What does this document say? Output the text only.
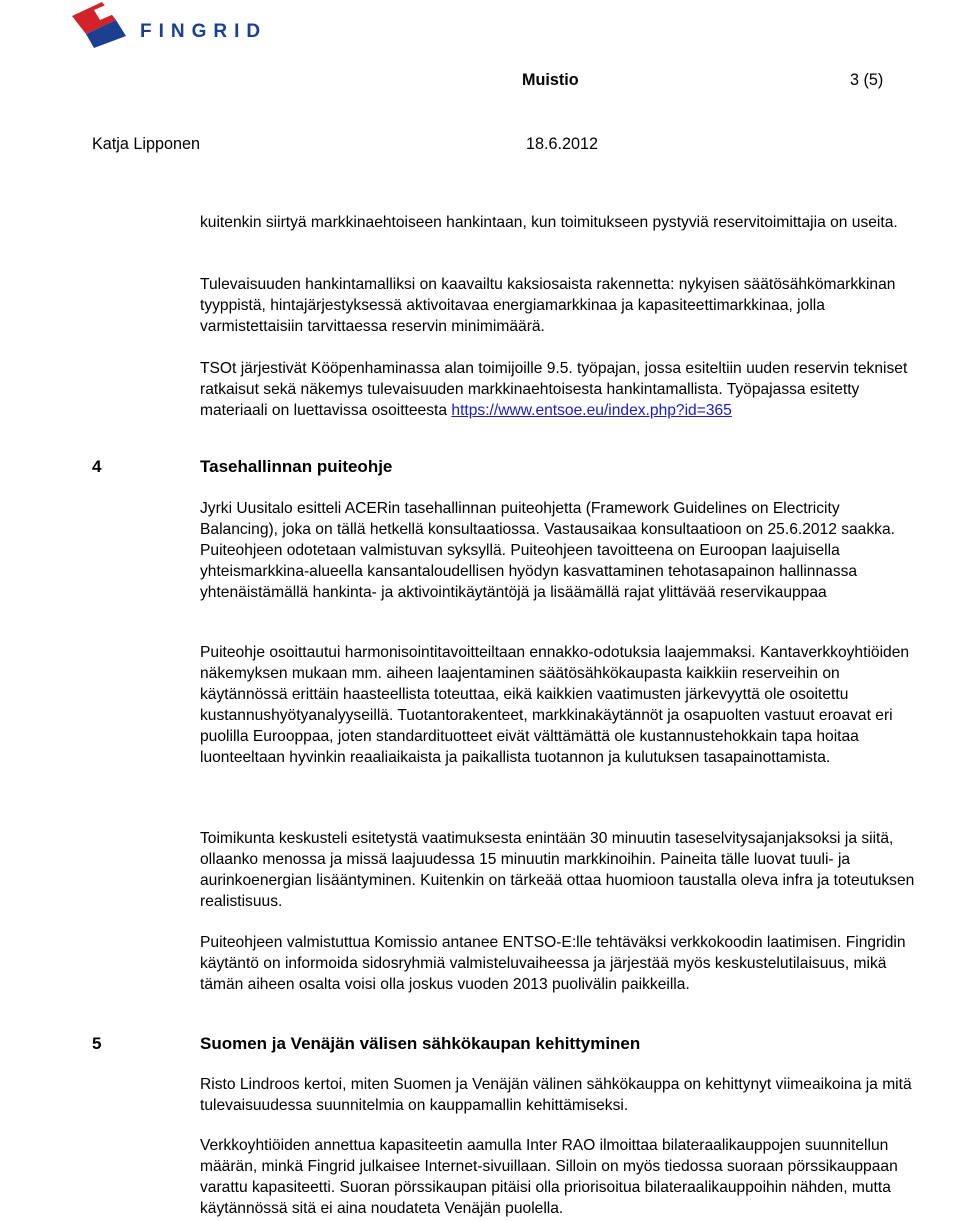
FINGRID
Muistio	3 (5)
Katja Lipponen	18.6.2012

kuitenkin siirtyä markkinaehtoiseen hankintaan, kun toimitukseen pystyviä reservitoimittajia on useita.

Tulevaisuuden hankintamalliksi on kaavailtu kaksiosaista rakennetta: nykyisen säätösähkömarkkinan tyyppistä, hintajärjestyksessä aktivoitavaa energiamarkkinaa ja kapasiteettimarkkinaa, jolla varmistettaisiin tarvittaessa reservin minimimäärä.

TSOt järjestivät Kööpenhaminassa alan toimijoille 9.5. työpajan, jossa esiteltiin uuden reservin tekniset ratkaisut sekä näkemys tulevaisuuden markkinaehtoisesta hankintamallista. Työpajassa esitetty materiaali on luettavissa osoitteesta https://www.entsoe.eu/index.php?id=365

4	Tasehallinnan puiteohje

Jyrki Uusitalo esitteli ACERin tasehallinnan puiteohjetta (Framework Guidelines on Electricity Balancing), joka on tällä hetkellä konsultaatiossa. Vastausaikaa konsultaatioon on 25.6.2012 saakka. Puiteohjeen odotetaan valmistuvan syksyllä. Puiteohjeen tavoitteena on Euroopan laajuisella yhteismarkkina-alueella kansantaloudellisen hyödyn kasvattaminen tehotasapainon hallinnassa yhtenäistämällä hankinta- ja aktivointikäytäntöjä ja lisäämällä rajat ylittävää reservikauppaa

Puiteohje osoittautui harmonisointitavoitteiltaan ennakko-odotuksia laajemmaksi. Kantaverkkoyhtiöiden näkemyksen mukaan mm. aiheen laajentaminen säätösähkökaupasta kaikkiin reserveihin on käytännössä erittäin haasteellista toteuttaa, eikä kaikkien vaatimusten järkevyyttä ole osoitettu kustannushyötyanalyyseillä. Tuotantorakenteet, markkinakäytännöt ja osapuolten vastuut eroavat eri puolilla Eurooppaa, joten standardituotteet eivät välttämättä ole kustannustehokkain tapa hoitaa luonteeltaan hyvinkin reaaliaikaista ja paikallista tuotannon ja kulutuksen tasapainottamista.

Toimikunta keskusteli esitetystä vaatimuksesta enintään 30 minuutin taseselvitysajanjaksoksi ja siitä, ollaanko menossa ja missä laajuudessa 15 minuutin markkinoihin. Paineita tälle luovat tuuli- ja aurinkoenergian lisääntyminen. Kuitenkin on tärkeää ottaa huomioon taustalla oleva infra ja toteutuksen realistisuus.

Puiteohjeen valmistuttua Komissio antanee ENTSO-E:lle tehtäväksi verkkokoodin laatimisen. Fingridin käytäntö on informoida sidosryhmiä valmisteluvaiheessa ja järjestää myös keskustelutilaisuus, mikä tämän aiheen osalta voisi olla joskus vuoden 2013 puolivälin paikkeilla.

5	Suomen ja Venäjän välisen sähkökaupan kehittyminen

Risto Lindroos kertoi, miten Suomen ja Venäjän välinen sähkökauppa on kehittynyt viimeaikoina ja mitä tulevaisuudessa suunnitelmia on kauppamallin kehittämiseksi.

Verkkoyhtiöiden annettua kapasiteetin aamulla Inter RAO ilmoittaa bilateraalikauppojen suunnitellun määrän, minkä Fingrid julkaisee Internet-sivuillaan. Silloin on myös tiedossa suoraan pörssikauppaan varattu kapasiteetti. Suoran pörssikaupan pitäisi olla priorisoitua bilateraalikauppoihin nähden, mutta käytännössä sitä ei aina noudateta Venäjän puolella.
